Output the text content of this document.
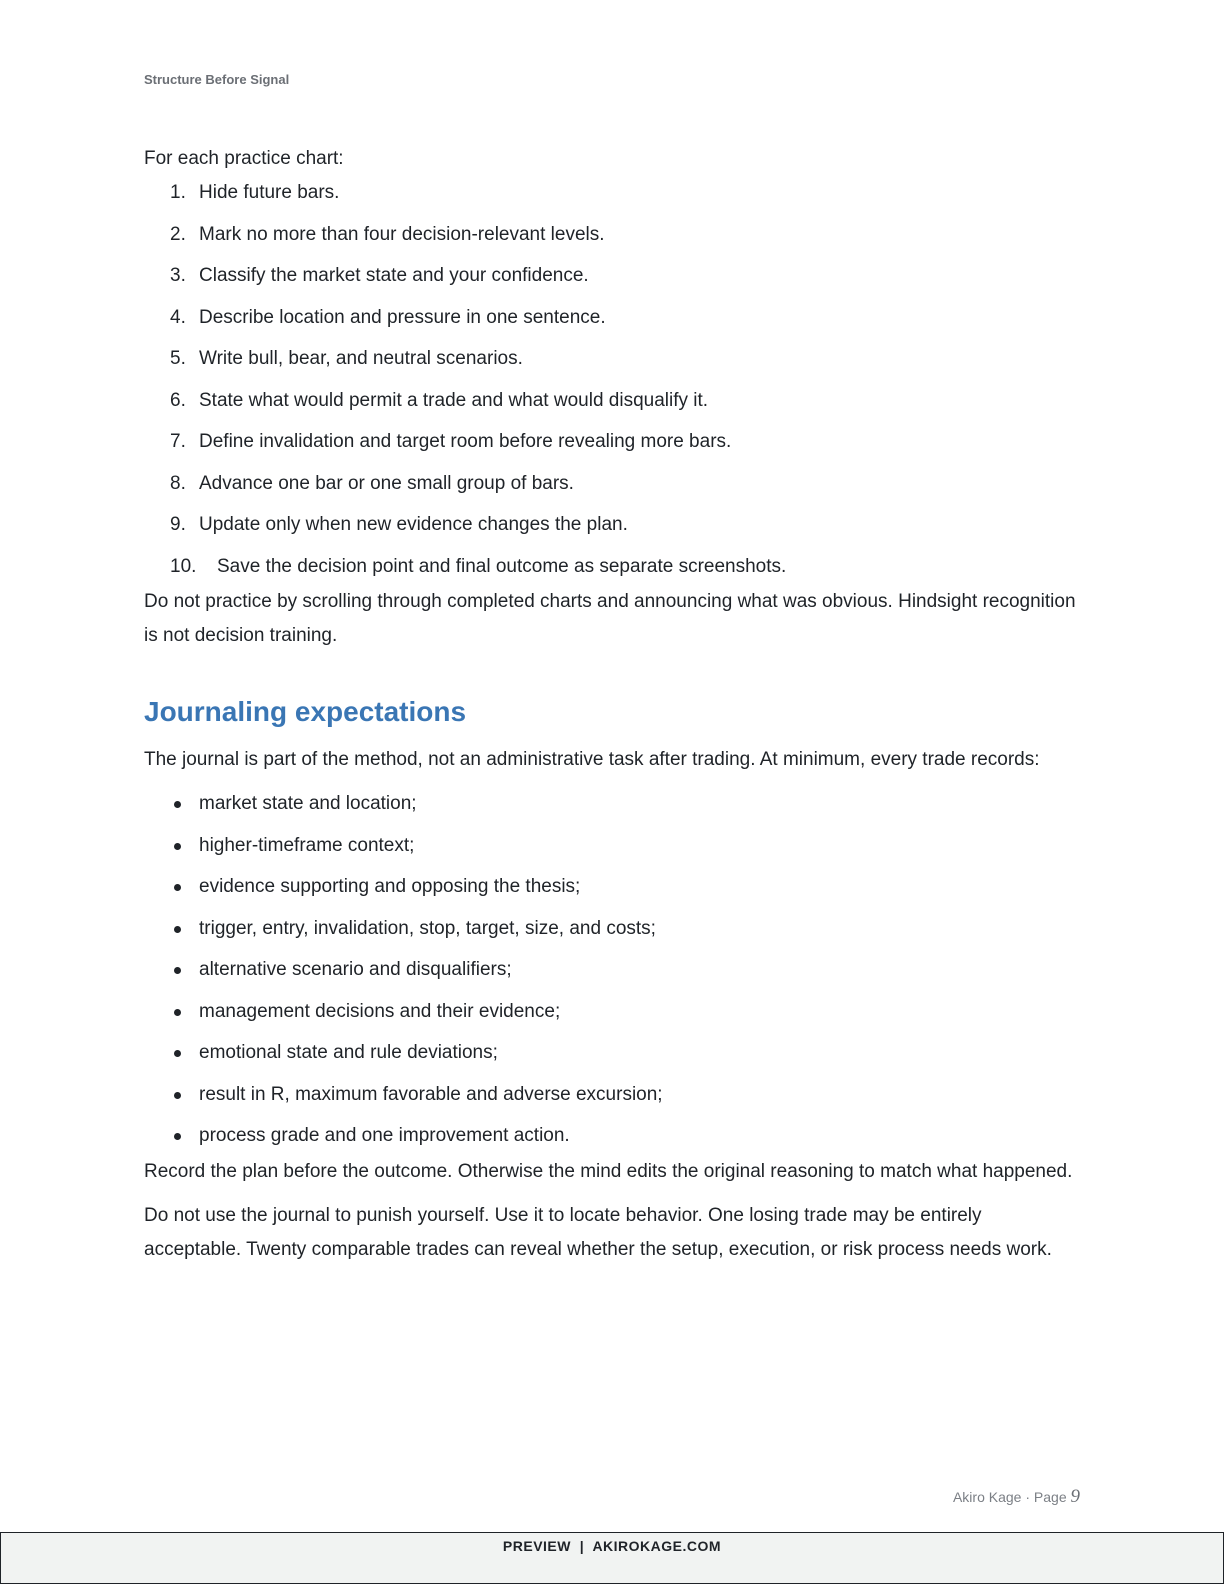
Structure Before Signal

For each practice chart:

1. Hide future bars.
2. Mark no more than four decision-relevant levels.
3. Classify the market state and your confidence.
4. Describe location and pressure in one sentence.
5. Write bull, bear, and neutral scenarios.
6. State what would permit a trade and what would disqualify it.
7. Define invalidation and target room before revealing more bars.
8. Advance one bar or one small group of bars.
9. Update only when new evidence changes the plan.
10. Save the decision point and final outcome as separate screenshots.

Do not practice by scrolling through completed charts and announcing what was obvious. Hindsight recognition is not decision training.

Journaling expectations

The journal is part of the method, not an administrative task after trading. At minimum, every trade records:

market state and location;
higher-timeframe context;
evidence supporting and opposing the thesis;
trigger, entry, invalidation, stop, target, size, and costs;
alternative scenario and disqualifiers;
management decisions and their evidence;
emotional state and rule deviations;
result in R, maximum favorable and adverse excursion;
process grade and one improvement action.

Record the plan before the outcome. Otherwise the mind edits the original reasoning to match what happened.

Do not use the journal to punish yourself. Use it to locate behavior. One losing trade may be entirely acceptable. Twenty comparable trades can reveal whether the setup, execution, or risk process needs work.

Akiro Kage · Page 9
PREVIEW  |  AKIROKAGE.COM
